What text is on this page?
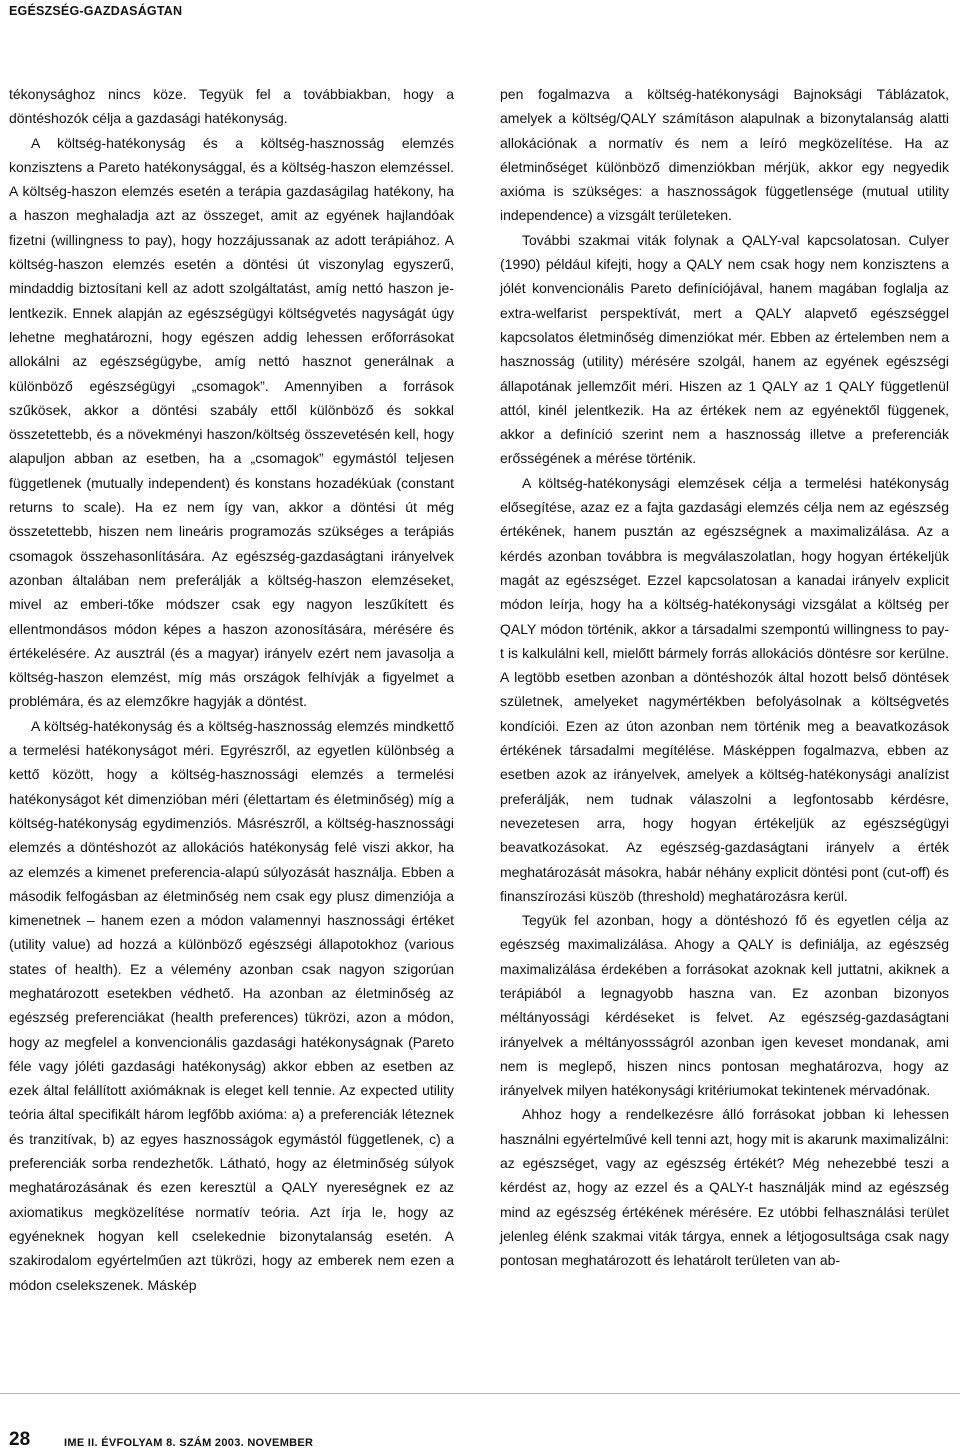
EGÉSZSÉG-GAZDASÁGTAN

tékonysághoz nincs köze. Tegyük fel a továbbiakban, hogy a döntéshozók célja a gazdasági hatékonyság.

A költség-hatékonyság és a költség-hasznosság elemzés konzisztens a Pareto hatékonysággal, és a költség-haszon elemzéssel. A költség-haszon elemzés esetén a terápia gazdaságilag hatékony, ha a haszon meghaladja azt az összeget, amit az egyének hajlandóak fizetni (willingness to pay), hogy hozzájussanak az adott terápiához. A költség-haszon elemzés esetén a döntési út viszonylag egyszerű, mindaddig biztosítani kell az adott szolgáltatást, amíg nettó haszon jelentkezik. Ennek alapján az egészségügyi költségvetés nagyságát úgy lehetne meghatározni, hogy egészen addig lehessen erőforrásokat allokálni az egészségügybe, amíg nettó hasznot generálnak a különböző egészségügyi „csomagok”. Amennyiben a források szűkösek, akkor a döntési szabály ettől különböző és sokkal összetettebb, és a növekményi haszon/költség összevetésén kell, hogy alapuljon abban az esetben, ha a „csomagok” egymástól teljesen függetlenek (mutually independent) és konstans hozadékúak (constant returns to scale). Ha ez nem így van, akkor a döntési út még összetettebb, hiszen nem lineáris programozás szükséges a terápiás csomagok összehasonlítására. Az egészség-gazdaságtani irányelvek azonban általában nem preferálják a költség-haszon elemzéseket, mivel az emberi-tőke módszer csak egy nagyon leszűkített és ellentmondásos módon képes a haszon azonosítására, mérésére és értékelésére. Az ausztrál (és a magyar) irányelv ezért nem javasolja a költség-haszon elemzést, míg más országok felhívják a figyelmet a problémára, és az elemzőkre hagyják a döntést.

A költség-hatékonyság és a költség-hasznosság elemzés mindkettő a termelési hatékonyságot méri. Egyrészről, az egyetlen különbség a kettő között, hogy a költség-hasznossági elemzés a termelési hatékonyságot két dimenzióban méri (élettartam és életminőség) míg a költség-hatékonyság egydimenziós. Másrészről, a költség-hasznossági elemzés a döntéshozót az allokációs hatékonyság felé viszi akkor, ha az elemzés a kimenet preferencia-alapú súlyozását használja. Ebben a második felfogásban az életminőség nem csak egy plusz dimenziója a kimenetnek – hanem ezen a módon valamennyi hasznossági értéket (utility value) ad hozzá a különböző egészségi állapotokhoz (various states of health). Ez a vélemény azonban csak nagyon szigorúan meghatározott esetekben védhető. Ha azonban az életminőség az egészség preferenciákat (health preferences) tükrözi, azon a módon, hogy az megfelel a konvencionális gazdasági hatékonyságnak (Pareto féle vagy jóléti gazdasági hatékonyság) akkor ebben az esetben az ezek által felállított axiómáknak is eleget kell tennie. Az expected utility teória által specifikált három legfőbb axióma: a) a preferenciák léteznek és tranzitívak, b) az egyes hasznosságok egymástól függetlenek, c) a preferenciák sorba rendezhetők. Látható, hogy az életminőség súlyok meghatározásának és ezen keresztül a QALY nyereségnek ez az axiomatikus megközelítése normatív teória. Azt írja le, hogy az egyéneknek hogyan kell cselekednie bizonytalanság esetén. A szakirodalom egyértelműen azt tükrözi, hogy az emberek nem ezen a módon cselekszenek. Máskép

pen fogalmazva a költség-hatékonysági Bajnoksági Táblázatok, amelyek a költség/QALY számításon alapulnak a bizonytalanság alatti allokációnak a normatív és nem a leíró megközelítése. Ha az életminőséget különböző dimenziókban mérjük, akkor egy negyedik axióma is szükséges: a hasznosságok függetlensége (mutual utility independence) a vizsgált területeken.

További szakmai viták folynak a QALY-val kapcsolatosan. Culyer (1990) például kifejti, hogy a QALY nem csak hogy nem konzisztens a jólét konvencionális Pareto definíciójával, hanem magában foglalja az extra-welfarist perspektívát, mert a QALY alapvető egészséggel kapcsolatos életminőség dimenziókat mér. Ebben az értelemben nem a hasznosság (utility) mérésére szolgál, hanem az egyének egészségi állapotának jellemzőit méri. Hiszen az 1 QALY az 1 QALY függetlenül attól, kinél jelentkezik. Ha az értékek nem az egyénektől függenek, akkor a definíció szerint nem a hasznosság illetve a preferenciák erősségének a mérése történik.

A költség-hatékonysági elemzések célja a termelési hatékonyság elősegítése, azaz ez a fajta gazdasági elemzés célja nem az egészség értékének, hanem pusztán az egészségnek a maximalizálása. Az a kérdés azonban továbbra is megválaszolatlan, hogy hogyan értékeljük magát az egészséget. Ezzel kapcsolatosan a kanadai irányelv explicit módon leírja, hogy ha a költség-hatékonysági vizsgálat a költség per QALY módon történik, akkor a társadalmi szempontú willingness to pay-t is kalkulálni kell, mielőtt bármely forrás allokációs döntésre sor kerülne. A legtöbb esetben azonban a döntéshozók által hozott belső döntések születnek, amelyeket nagymértékben befolyásolnak a költségvetés kondíciói. Ezen az úton azonban nem történik meg a beavatkozások értékének társadalmi megítélése. Másképpen fogalmazva, ebben az esetben azok az irányelvek, amelyek a költség-hatékonysági analízist preferálják, nem tudnak válaszolni a legfontosabb kérdésre, nevezetesen arra, hogy hogyan értékeljük az egészségügyi beavatkozásokat. Az egészség-gazdaságtani irányelv a érték meghatározását másokra, habár néhány explicit döntési pont (cut-off) és finanszírozási küszöb (threshold) meghatározásra kerül.

Tegyük fel azonban, hogy a döntéshozó fő és egyetlen célja az egészség maximalizálása. Ahogy a QALY is definiálja, az egészség maximalizálása érdekében a forrásokat azoknak kell juttatni, akiknek a terápiából a legnagyobb haszna van. Ez azonban bizonyos méltányossági kérdéseket is felvet. Az egészség-gazdaságtani irányelvek a méltányossságról azonban igen keveset mondanak, ami nem is meglepő, hiszen nincs pontosan meghatározva, hogy az irányelvek milyen hatékonysági kritériumokat tekintenek mérvadónak.

Ahhoz hogy a rendelkezésre álló forrásokat jobban ki lehessen használni egyértelművé kell tenni azt, hogy mit is akarunk maximalizálni: az egészséget, vagy az egészség értékét? Még nehezebbé teszi a kérdést az, hogy az ezzel és a QALY-t használják mind az egészség mind az egészség értékének mérésére. Ez utóbbi felhasználási terület jelenleg élénk szakmai viták tárgya, ennek a létjogosultsága csak nagy pontosan meghatározott és lehatárolt területen van ab-

28	IME II. ÉVFOLYAM 8. SZÁM 2003. NOVEMBER
